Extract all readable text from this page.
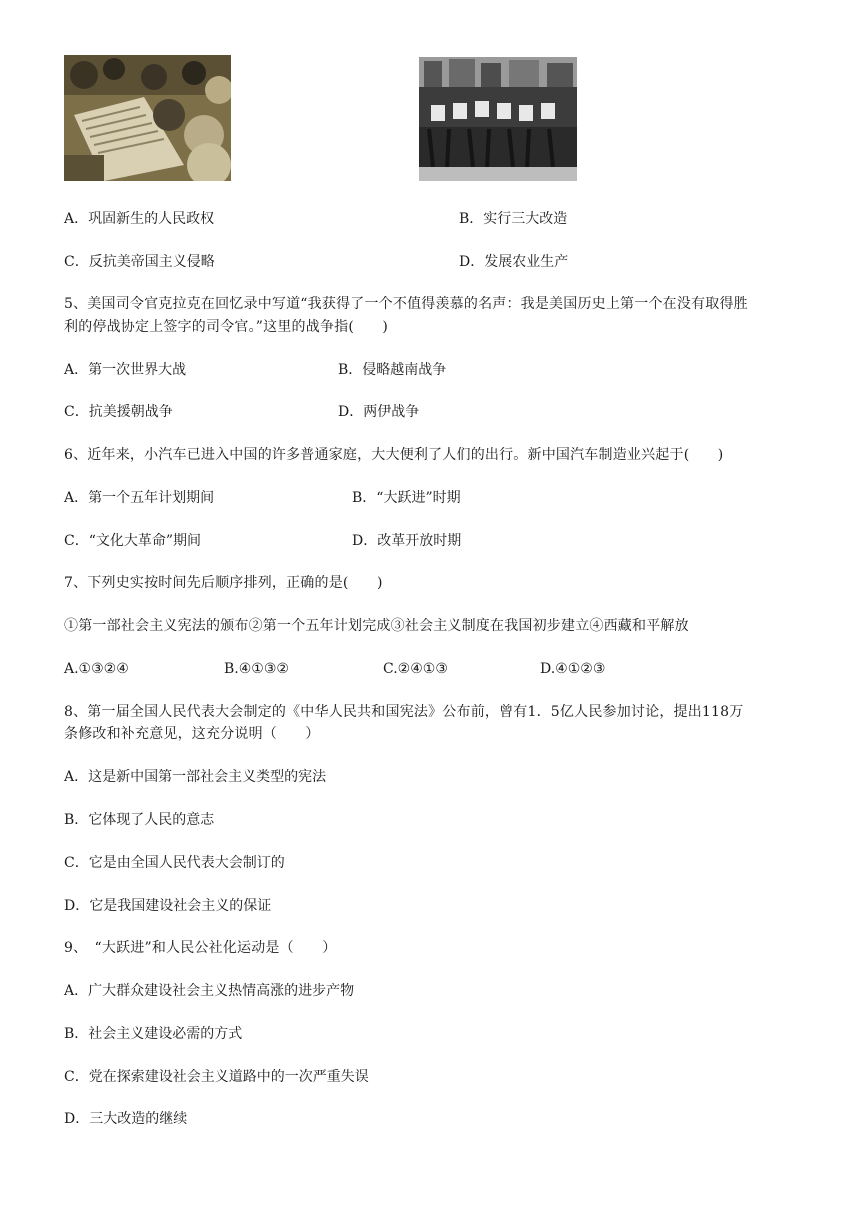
A．巩固新生的人民政权	B．实行三大改造
C．反抗美帝国主义侵略	D．发展农业生产
5、美国司令官克拉克在回忆录中写道“我获得了一个不值得羡慕的名声：我是美国历史上第一个在没有取得胜
利的停战协定上签字的司令官。”这里的战争指(　　)
A．第一次世界大战	B．侵略越南战争
C．抗美援朝战争	D．两伊战争
6、近年来，小汽车已进入中国的许多普通家庭，大大便利了人们的出行。新中国汽车制造业兴起于(　　)
A．第一个五年计划期间	B．“大跃进”时期
C．“文化大革命”期间	D．改革开放时期
7、下列史实按时间先后顺序排列，正确的是(　　)
①第一部社会主义宪法的颁布②第一个五年计划完成③社会主义制度在我国初步建立④西藏和平解放
A.①③②④	B.④①③②	C.②④①③	D.④①②③
8、第一届全国人民代表大会制定的《中华人民共和国宪法》公布前，曾有1．5亿人民参加讨论，提出118万
条修改和补充意见，这充分说明（　　）
A．这是新中国第一部社会主义类型的宪法
B．它体现了人民的意志
C．它是由全国人民代表大会制订的
D．它是我国建设社会主义的保证
9、　“大跃进”和人民公社化运动是（　　）
A．广大群众建设社会主义热情高涨的进步产物
B．社会主义建设必需的方式
C．党在探索建设社会主义道路中的一次严重失误
D．三大改造的继续
